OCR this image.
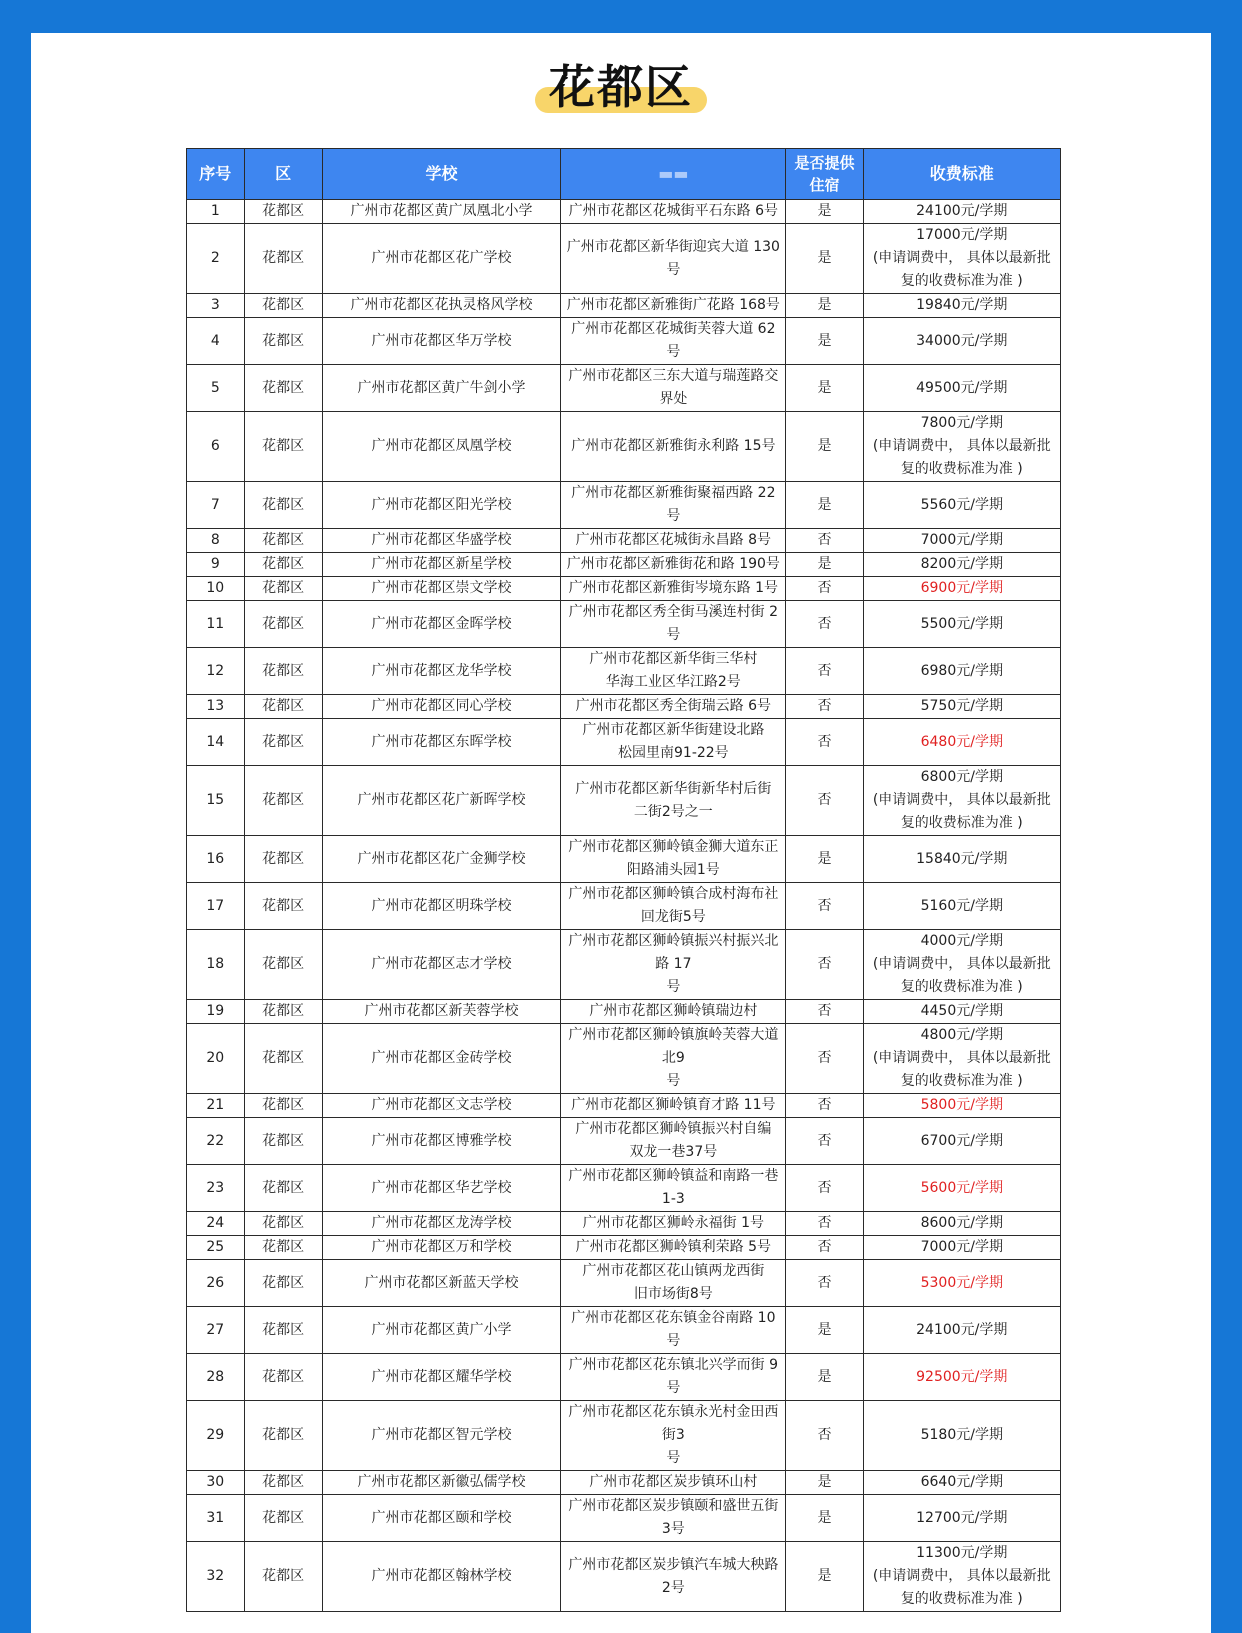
花都区
序号	区	学校	▬▬	是否提供
住宿	收费标准
1	花都区	广州市花都区黄广凤凰北小学	广州市花都区花城街平石东路 6号	是	24100元/学期
2	花都区	广州市花都区花广学校	广州市花都区新华街迎宾大道 130
号	是	17000元/学期
(申请调费中， 具体以最新批
复的收费标准为准 )
3	花都区	广州市花都区花执灵格风学校	广州市花都区新雅街广花路 168号	是	19840元/学期
4	花都区	广州市花都区华万学校	广州市花都区花城街芙蓉大道 62号	是	34000元/学期
5	花都区	广州市花都区黄广牛剑小学	广州市花都区三东大道与瑞莲路交
界处	是	49500元/学期
6	花都区	广州市花都区凤凰学校	广州市花都区新雅街永利路 15号	是	7800元/学期
(申请调费中， 具体以最新批
复的收费标准为准 )
7	花都区	广州市花都区阳光学校	广州市花都区新雅街聚福西路 22号	是	5560元/学期
8	花都区	广州市花都区华盛学校	广州市花都区花城街永昌路 8号	否	7000元/学期
9	花都区	广州市花都区新星学校	广州市花都区新雅街花和路 190号	是	8200元/学期
10	花都区	广州市花都区崇文学校	广州市花都区新雅街岑境东路 1号	否	6900元/学期
11	花都区	广州市花都区金晖学校	广州市花都区秀全街马溪连村街 2
号	否	5500元/学期
12	花都区	广州市花都区龙华学校	广州市花都区新华街三华村
华海工业区华江路2号	否	6980元/学期
13	花都区	广州市花都区同心学校	广州市花都区秀全街瑞云路 6号	否	5750元/学期
14	花都区	广州市花都区东晖学校	广州市花都区新华街建设北路
松园里南91-22号	否	6480元/学期
15	花都区	广州市花都区花广新晖学校	广州市花都区新华街新华村后街
二街2号之一	否	6800元/学期
(申请调费中， 具体以最新批
复的收费标准为准 )
16	花都区	广州市花都区花广金狮学校	广州市花都区狮岭镇金狮大道东正
阳路浦头园1号	是	15840元/学期
17	花都区	广州市花都区明珠学校	广州市花都区狮岭镇合成村海布社
回龙街5号	否	5160元/学期
18	花都区	广州市花都区志才学校	广州市花都区狮岭镇振兴村振兴北
路 17
号	否	4000元/学期
(申请调费中， 具体以最新批
复的收费标准为准 )
19	花都区	广州市花都区新芙蓉学校	广州市花都区狮岭镇瑞边村	否	4450元/学期
20	花都区	广州市花都区金砖学校	广州市花都区狮岭镇旗岭芙蓉大道
北9
号	否	4800元/学期
(申请调费中， 具体以最新批
复的收费标准为准 )
21	花都区	广州市花都区文志学校	广州市花都区狮岭镇育才路 11号	否	5800元/学期
22	花都区	广州市花都区博雅学校	广州市花都区狮岭镇振兴村自编
双龙一巷37号	否	6700元/学期
23	花都区	广州市花都区华艺学校	广州市花都区狮岭镇益和南路一巷
1-3	否	5600元/学期
24	花都区	广州市花都区龙涛学校	广州市花都区狮岭永福街 1号	否	8600元/学期
25	花都区	广州市花都区万和学校	广州市花都区狮岭镇利荣路 5号	否	7000元/学期
26	花都区	广州市花都区新蓝天学校	广州市花都区花山镇两龙西街
旧市场街8号	否	5300元/学期
27	花都区	广州市花都区黄广小学	广州市花都区花东镇金谷南路 10号	是	24100元/学期
28	花都区	广州市花都区耀华学校	广州市花都区花东镇北兴学而街 9
号	是	92500元/学期
29	花都区	广州市花都区智元学校	广州市花都区花东镇永光村金田西
街3
号	否	5180元/学期
30	花都区	广州市花都区新徽弘儒学校	广州市花都区炭步镇环山村	是	6640元/学期
31	花都区	广州市花都区颐和学校	广州市花都区炭步镇颐和盛世五街
3号	是	12700元/学期
32	花都区	广州市花都区翰林学校	广州市花都区炭步镇汽车城大秧路
2号	是	11300元/学期
(申请调费中， 具体以最新批
复的收费标准为准 )
